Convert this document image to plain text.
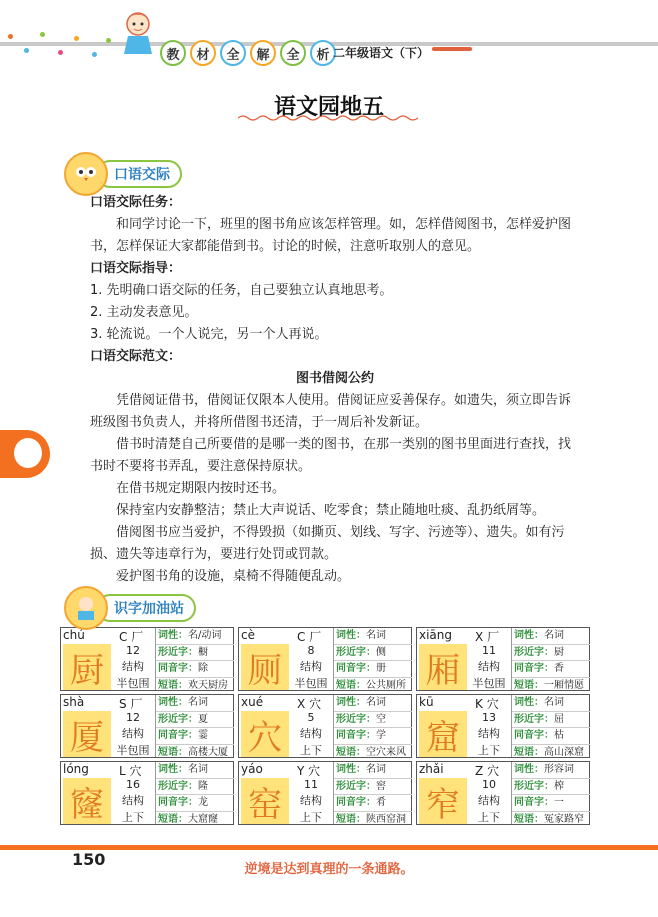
教	材	全	解	全	析 二年级语文（下）
语文园地五
口语交际

口语交际任务：

和同学讨论一下，班里的图书角应该怎样管理。如，怎样借阅图书，怎样爱护图书，怎样保证大家都能借到书。讨论的时候，注意听取别人的意见。

口语交际指导：

1. 先明确口语交际的任务，自己要独立认真地思考。

2. 主动发表意见。

3. 轮流说。一个人说完，另一个人再说。

口语交际范文：

图书借阅公约

凭借阅证借书，借阅证仅限本人使用。借阅证应妥善保存。如遗失，须立即告诉班级图书负责人，并将所借图书还清，于一周后补发新证。

借书时清楚自己所要借的是哪一类的图书，在那一类别的图书里面进行查找，找书时不要将书弄乱，要注意保持原状。

在借书规定期限内按时还书。

保持室内安静整洁；禁止大声说话、吃零食；禁止随地吐痰、乱扔纸屑等。

借阅图书应当爱护，不得毁损（如撕页、划线、写字、污迹等）、遗失。如有污损、遗失等违章行为，要进行处罚或罚款。

爱护图书角的设施，桌椅不得随便乱动。

识字加油站
chú	C 厂
厨	12
结构
半包围
词性：名/动词
形近字：橱
同音字：除
短语：欢天厨房
cè	C 厂
厕	8
结构
半包围
词性：名词
形近字：侧
同音字：册
短语：公共厕所
xiāng X 厂
厢	11
结构
半包围
词性：名词
形近字：厨
同音字：香
短语：一厢情愿
shà	S 厂
厦	12
结构
半包围
词性：名词
形近字：夏
同音字：霎
短语：高楼大厦
xué	X 穴
穴	5
结构
上下
词性：名词
形近字：空
同音字：学
短语：空穴来风
kū	K 穴
窟	13
结构
上下
词性：名词
形近字：屈
同音字：枯
短语：高山深窟
lóng	L 穴
窿	16
结构
上下
词性：名词
形近字：隆
同音字：龙
短语：大窟窿
yáo	Y 穴
窑	11
结构
上下
词性：名词
形近字：窖
同音字：肴
短语：陕西窑洞
zhǎi	Z 穴
窄	10
结构
上下
词性：形容词
形近字：榨
同音字：一
短语：冤家路窄
150
逆境是达到真理的一条通路。
